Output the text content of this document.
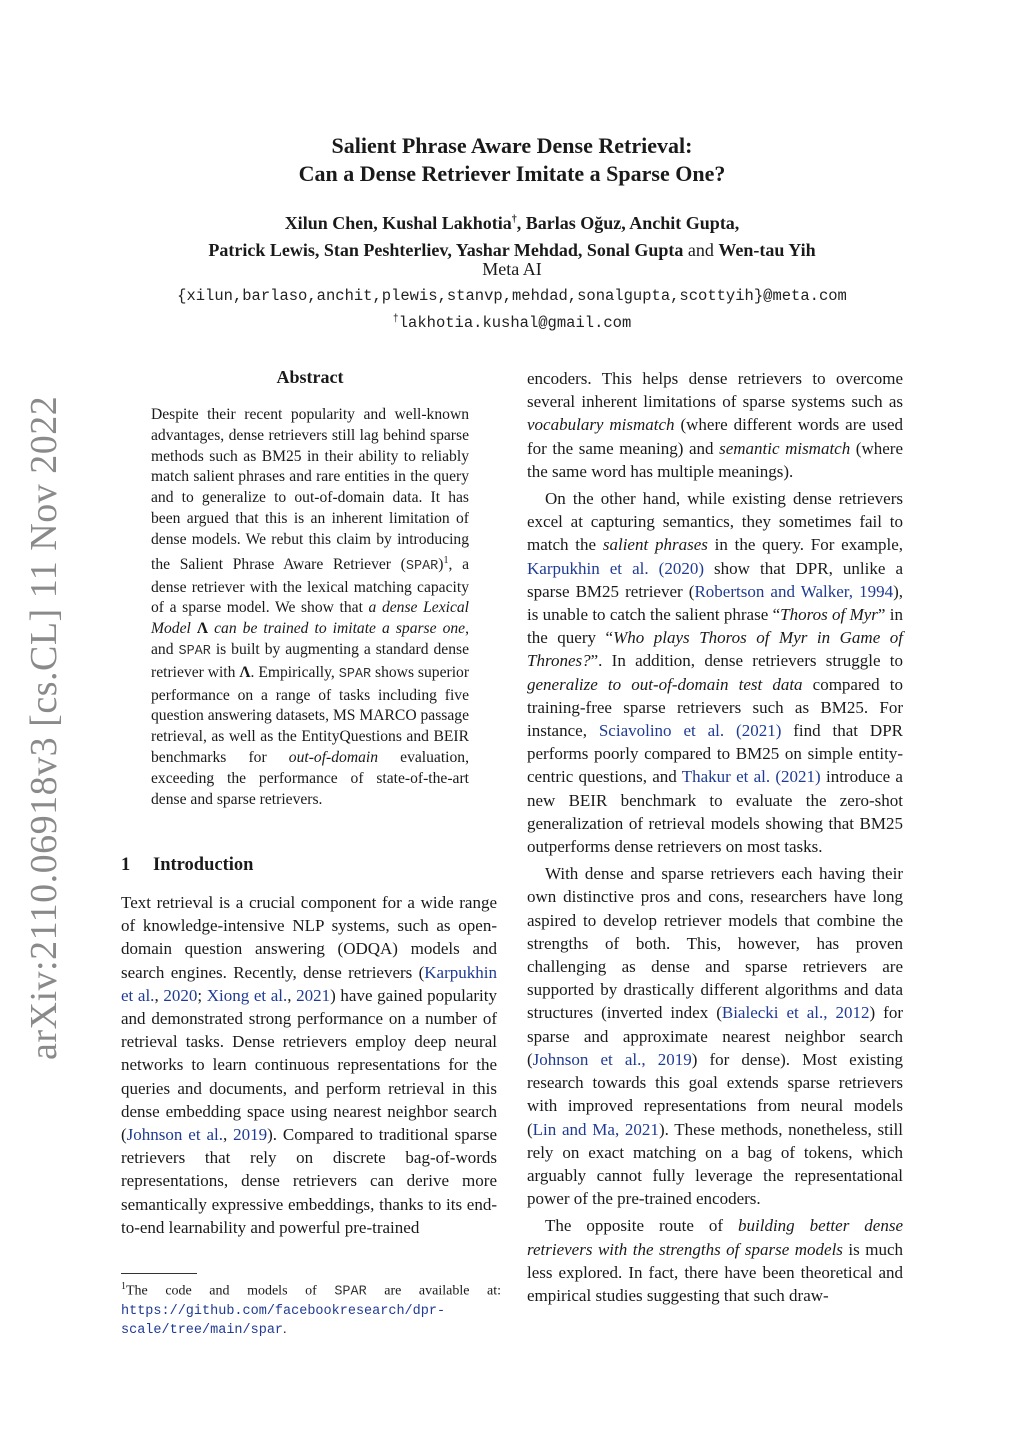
arXiv:2110.06918v3 [cs.CL] 11 Nov 2022
Salient Phrase Aware Dense Retrieval:
Can a Dense Retriever Imitate a Sparse One?
Xilun Chen, Kushal Lakhotia†, Barlas Oğuz, Anchit Gupta,
Patrick Lewis, Stan Peshterliev, Yashar Mehdad, Sonal Gupta and Wen-tau Yih
Meta AI
{xilun,barlaso,anchit,plewis,stanvp,mehdad,sonalgupta,scottyih}@meta.com
†lakhotia.kushal@gmail.com
Abstract
Despite their recent popularity and well-known advantages, dense retrievers still lag behind sparse methods such as BM25 in their ability to reliably match salient phrases and rare entities in the query and to generalize to out-of-domain data. It has been argued that this is an inherent limitation of dense models. We rebut this claim by introducing the Salient Phrase Aware Retriever (SPAR)$^1$, a dense retriever with the lexical matching capacity of a sparse model. We show that a dense Lexical Model Λ can be trained to imitate a sparse one, and SPAR is built by augmenting a standard dense retriever with Λ. Empirically, SPAR shows superior performance on a range of tasks including five question answering datasets, MS MARCO passage retrieval, as well as the EntityQuestions and BEIR benchmarks for out-of-domain evaluation, exceeding the performance of state-of-the-art dense and sparse retrievers.
1 Introduction

Text retrieval is a crucial component for a wide range of knowledge-intensive NLP systems, such as open-domain question answering (ODQA) models and search engines. Recently, dense retrievers (Karpukhin et al., 2020; Xiong et al., 2021) have gained popularity and demonstrated strong performance on a number of retrieval tasks. Dense retrievers employ deep neural networks to learn continuous representations for the queries and documents, and perform retrieval in this dense embedding space using nearest neighbor search (Johnson et al., 2019). Compared to traditional sparse retrievers that rely on discrete bag-of-words representations, dense retrievers can derive more semantically expressive embeddings, thanks to its end-to-end learnability and powerful pre-trained

encoders. This helps dense retrievers to overcome several inherent limitations of sparse systems such as vocabulary mismatch (where different words are used for the same meaning) and semantic mismatch (where the same word has multiple meanings).

On the other hand, while existing dense retrievers excel at capturing semantics, they sometimes fail to match the salient phrases in the query. For example, Karpukhin et al. (2020) show that DPR, unlike a sparse BM25 retriever (Robertson and Walker, 1994), is unable to catch the salient phrase “Thoros of Myr” in the query “Who plays Thoros of Myr in Game of Thrones?”. In addition, dense retrievers struggle to generalize to out-of-domain test data compared to training-free sparse retrievers such as BM25. For instance, Sciavolino et al. (2021) find that DPR performs poorly compared to BM25 on simple entity-centric questions, and Thakur et al. (2021) introduce a new BEIR benchmark to evaluate the zero-shot generalization of retrieval models showing that BM25 outperforms dense retrievers on most tasks.

With dense and sparse retrievers each having their own distinctive pros and cons, researchers have long aspired to develop retriever models that combine the strengths of both. This, however, has proven challenging as dense and sparse retrievers are supported by drastically different algorithms and data structures (inverted index (Bialecki et al., 2012) for sparse and approximate nearest neighbor search (Johnson et al., 2019) for dense). Most existing research towards this goal extends sparse retrievers with improved representations from neural models (Lin and Ma, 2021). These methods, nonetheless, still rely on exact matching on a bag of tokens, which arguably cannot fully leverage the representational power of the pre-trained encoders.

The opposite route of building better dense retrievers with the strengths of sparse models is much less explored. In fact, there have been theoretical and empirical studies suggesting that such draw-

$^1$The code and models of SPAR are available at: https://github.com/facebookresearch/dpr-scale/tree/main/spar.
